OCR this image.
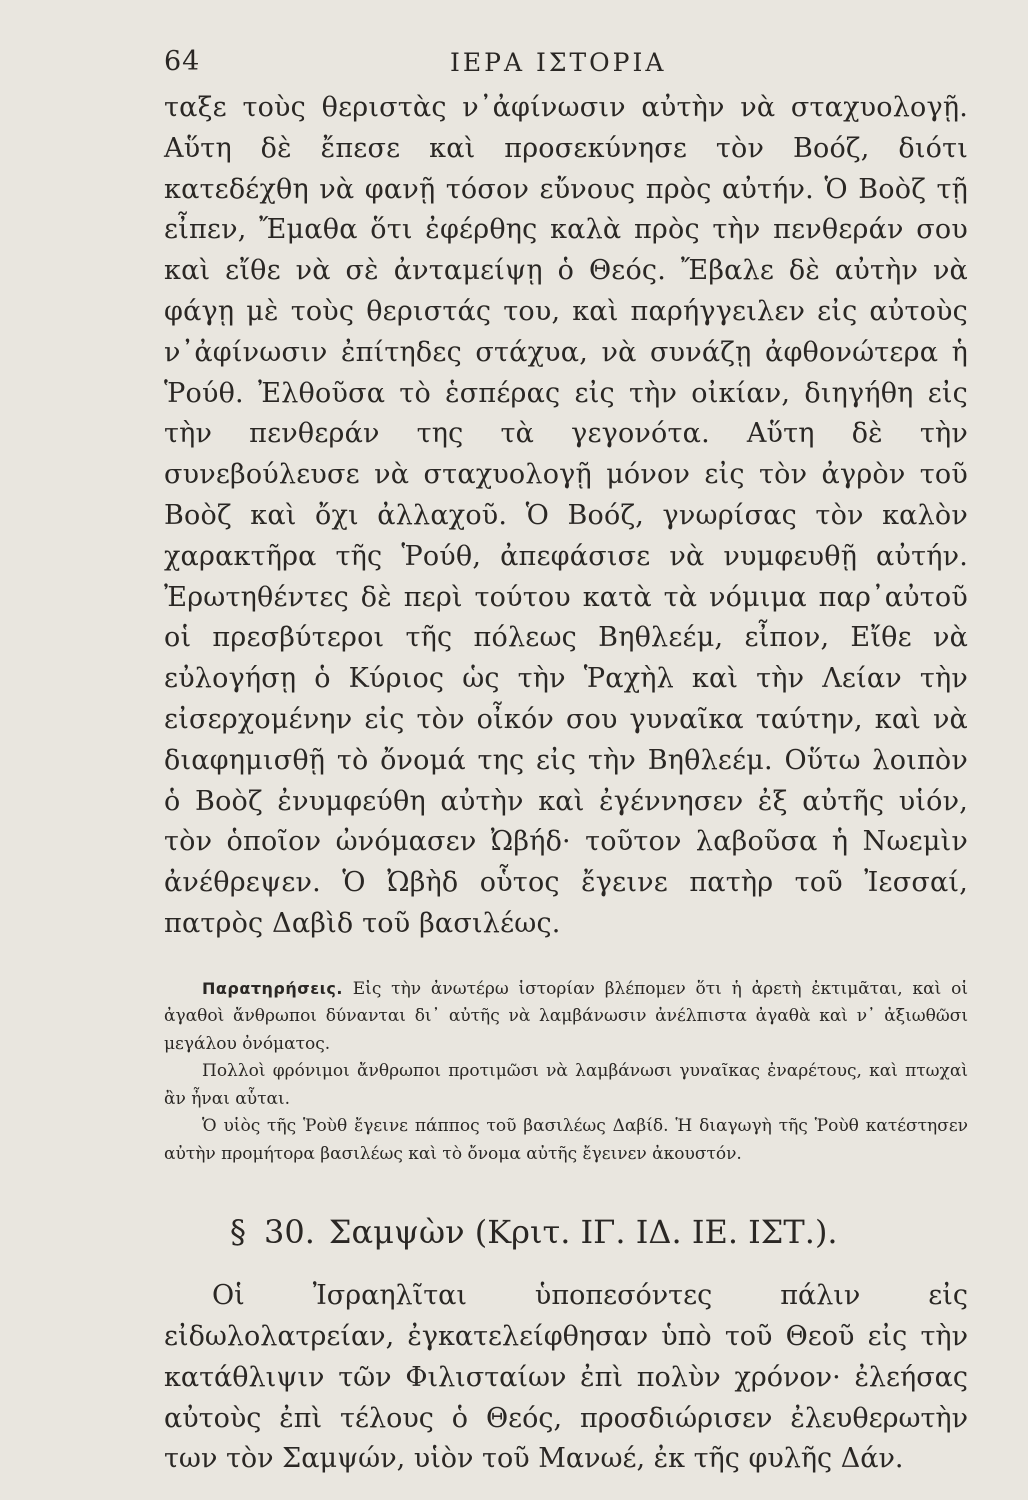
64	ΙΕΡΑ ΙΣΤΟΡΙΑ

ταξε τοὺς θεριστὰς ν᾿ἀφίνωσιν αὐτὴν νὰ σταχυολογῇ. Αὕτη δὲ ἔπεσε καὶ προσεκύνησε τὸν Βοόζ, διότι κατεδέχθη νὰ φανῇ τόσον εὔνους πρὸς αὐτήν. Ὁ Βοὸζ τῇ εἶπεν, Ἔμαθα ὅτι ἐφέρθης καλὰ πρὸς τὴν πενθεράν σου καὶ εἴθε νὰ σὲ ἀνταμείψῃ ὁ Θεός. Ἔβαλε δὲ αὐτὴν νὰ φάγῃ μὲ τοὺς θεριστάς του, καὶ παρήγγειλεν εἰς αὐτοὺς ν᾿ἀφίνωσιν ἐπίτηδες στάχυα, νὰ συνάζῃ ἀφθονώτερα ἡ Ῥούθ. Ἐλθοῦσα τὸ ἑσπέρας εἰς τὴν οἰκίαν, διηγήθη εἰς τὴν πενθεράν της τὰ γεγονότα. Αὕτη δὲ τὴν συνεβούλευσε νὰ σταχυολογῇ μόνον εἰς τὸν ἀγρὸν τοῦ Βοὸζ καὶ ὄχι ἀλλαχοῦ. Ὁ Βοόζ, γνωρίσας τὸν καλὸν χαρακτῆρα τῆς Ῥούθ, ἀπεφάσισε νὰ νυμφευθῇ αὐτήν. Ἐρωτηθέντες δὲ περὶ τούτου κατὰ τὰ νόμιμα παρ᾿αὐτοῦ οἱ πρεσβύτεροι τῆς πόλεως Βηθλεέμ, εἶπον, Εἴθε νὰ εὐλογήσῃ ὁ Κύριος ὡς τὴν Ῥαχὴλ καὶ τὴν Λείαν τὴν εἰσερχομένην εἰς τὸν οἶκόν σου γυναῖκα ταύτην, καὶ νὰ διαφημισθῇ τὸ ὄνομά της εἰς τὴν Βηθλεέμ. Οὕτω λοιπὸν ὁ Βοὸζ ἐνυμφεύθη αὐτὴν καὶ ἐγέννησεν ἐξ αὐτῆς υἱόν, τὸν ὁποῖον ὠνόμασεν Ὠβήδ· τοῦτον λαβοῦσα ἡ Νωεμὶν ἀνέθρεψεν. Ὁ Ὠβὴδ οὗτος ἔγεινε πατὴρ τοῦ Ἰεσσαί, πατρὸς Δαβὶδ τοῦ βασιλέως.

Παρατηρήσεις. Εἰς τὴν ἀνωτέρω ἱστορίαν βλέπομεν ὅτι ἡ ἀρετὴ ἐκτιμᾶται, καὶ οἱ ἀγαθοὶ ἄνθρωποι δύνανται δι᾿ αὐτῆς νὰ λαμβάνωσιν ἀνέλπιστα ἀγαθὰ καὶ ν᾿ ἀξιωθῶσι μεγάλου ὀνόματος.

Πολλοὶ φρόνιμοι ἄνθρωποι προτιμῶσι νὰ λαμβάνωσι γυναῖκας ἐναρέτους, καὶ πτωχαὶ ἂν ἦναι αὗται.

Ὁ υἱὸς τῆς Ῥοὺθ ἔγεινε πάππος τοῦ βασιλέως Δαβίδ. Ἡ διαγωγὴ τῆς Ῥοὺθ κατέστησεν αὐτὴν προμήτορα βασιλέως καὶ τὸ ὄνομα αὐτῆς ἔγεινεν ἀκουστόν.

§ 30. Σαμψὼν (Κριτ. ΙΓ. ΙΔ. ΙΕ. ΙΣΤ.).

Οἱ Ἰσραηλῖται ὑποπεσόντες πάλιν εἰς εἰδωλολατρείαν, ἐγκατελείφθησαν ὑπὸ τοῦ Θεοῦ εἰς τὴν κατάθλιψιν τῶν Φιλισταίων ἐπὶ πολὺν χρόνον· ἐλεήσας αὐτοὺς ἐπὶ τέλους ὁ Θεός, προσδιώρισεν ἐλευθερωτὴν των τὸν Σαμψών, υἱὸν τοῦ Μανωέ, ἐκ τῆς φυλῆς Δάν.
